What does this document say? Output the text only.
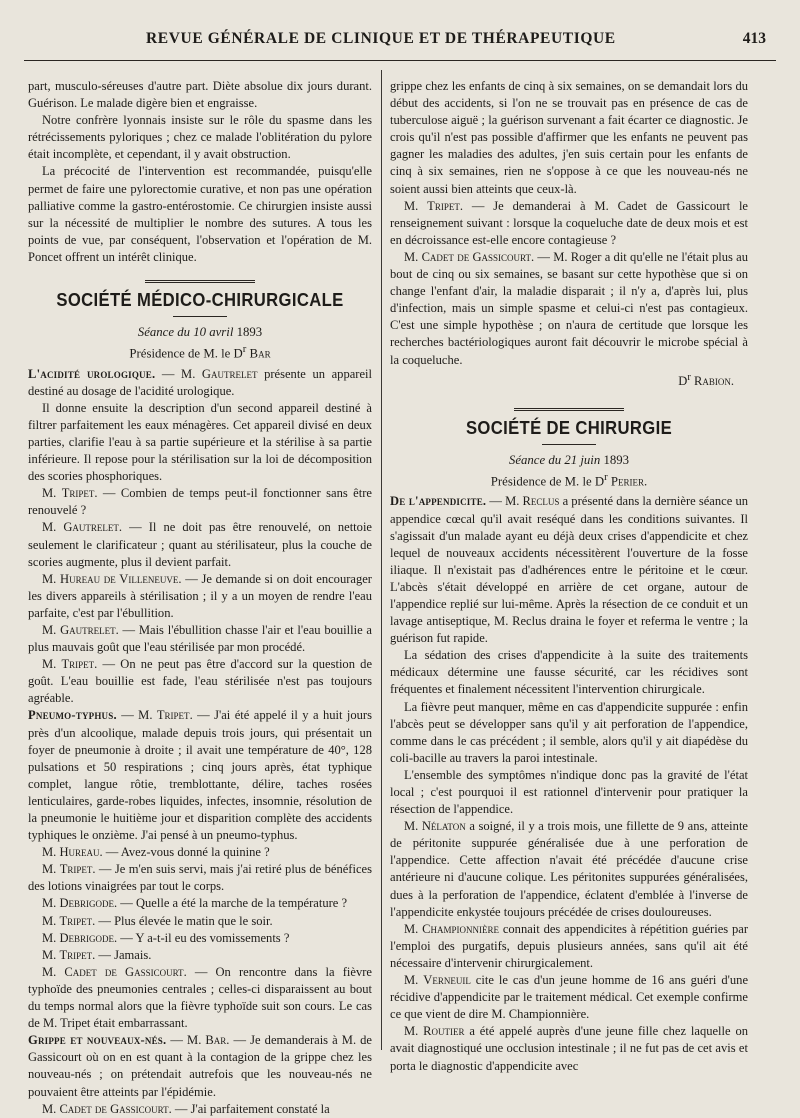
REVUE GÉNÉRALE DE CLINIQUE ET DE THÉRAPEUTIQUE	413

part, musculo-séreuses d'autre part. Diète absolue dix jours durant. Guérison. Le malade digère bien et engraisse.

Notre confrère lyonnais insiste sur le rôle du spasme dans les rétrécissements pyloriques ; chez ce malade l'oblitération du pylore était incomplète, et cependant, il y avait obstruction.

La précocité de l'intervention est recommandée, puisqu'elle permet de faire une pylorectomie curative, et non pas une opération palliative comme la gastro-entérostomie. Ce chirurgien insiste aussi sur la nécessité de multiplier le nombre des sutures. A tous les points de vue, par conséquent, l'observation et l'opération de M. Poncet offrent un intérêt clinique.

SOCIÉTÉ MÉDICO-CHIRURGICALE

Séance du 10 avril 1893

Présidence de M. le $D^r$ Bar

L'acidité urologique. — M. Gautrelet présente un appareil destiné au dosage de l'acidité urologique.

Il donne ensuite la description d'un second appareil destiné à filtrer parfaitement les eaux ménagères. Cet appareil divisé en deux parties, clarifie l'eau à sa partie supérieure et la stérilise à sa partie inférieure. Il repose pour la stérilisation sur la loi de décomposition des scories phosphoriques.

M. Tripet. — Combien de temps peut-il fonctionner sans être renouvelé ?

M. Gautrelet. — Il ne doit pas être renouvelé, on nettoie seulement le clarificateur ; quant au stérilisateur, plus la couche de scories augmente, plus il devient parfait.

M. Hureau de Villeneuve. — Je demande si on doit encourager les divers appareils à stérilisation ; il y a un moyen de rendre l'eau parfaite, c'est par l'ébullition.

M. Gautrelet. — Mais l'ébullition chasse l'air et l'eau bouillie a plus mauvais goût que l'eau stérilisée par mon procédé.

M. Tripet. — On ne peut pas être d'accord sur la question de goût. L'eau bouillie est fade, l'eau stérilisée n'est pas toujours agréable.

Pneumo-typhus. — M. Tripet. — J'ai été appelé il y a huit jours près d'un alcoolique, malade depuis trois jours, qui présentait un foyer de pneumonie à droite ; il avait une température de 40°, 128 pulsations et 50 respirations ; cinq jours après, état typhique complet, langue rôtie, tremblottante, délire, taches rosées lenticulaires, garde-robes liquides, infectes, insomnie, résolution de la pneumonie le huitième jour et disparition complète des accidents typhiques le onzième. J'ai pensé à un pneumo-typhus.

M. Hureau. — Avez-vous donné la quinine ?

M. Tripet. — Je m'en suis servi, mais j'ai retiré plus de bénéfices des lotions vinaigrées par tout le corps.

M. Debrigode. — Quelle a été la marche de la température ?

M. Tripet. — Plus élevée le matin que le soir.

M. Debrigode. — Y a-t-il eu des vomissements ?

M. Tripet. — Jamais.

M. Cadet de Gassicourt. — On rencontre dans la fièvre typhoïde des pneumonies centrales ; celles-ci disparaissent au bout du temps normal alors que la fièvre typhoïde suit son cours. Le cas de M. Tripet était embarrassant.

Grippe et nouveaux-nés. — M. Bar. — Je demanderais à M. de Gassicourt où on en est quant à la contagion de la grippe chez les nouveau-nés ; on prétendait autrefois que les nouveau-nés ne pouvaient être atteints par l'épidémie.

M. Cadet de Gassicourt. — J'ai parfaitement constaté la

grippe chez les enfants de cinq à six semaines, on se demandait lors du début des accidents, si l'on ne se trouvait pas en présence de cas de tuberculose aiguë ; la guérison survenant a fait écarter ce diagnostic. Je crois qu'il n'est pas possible d'affirmer que les enfants ne peuvent pas gagner les maladies des adultes, j'en suis certain pour les enfants de cinq à six semaines, rien ne s'oppose à ce que les nouveau-nés ne soient aussi bien atteints que ceux-là.

M. Tripet. — Je demanderai à M. Cadet de Gassicourt le renseignement suivant : lorsque la coqueluche date de deux mois et est en décroissance est-elle encore contagieuse ?

M. Cadet de Gassicourt. — M. Roger a dit qu'elle ne l'était plus au bout de cinq ou six semaines, se basant sur cette hypothèse que si on change l'enfant d'air, la maladie disparait ; il n'y a, d'après lui, plus d'infection, mais un simple spasme et celui-ci n'est pas contagieux. C'est une simple hypothèse ; on n'aura de certitude que lorsque les recherches bactériologiques auront fait découvrir le microbe spécial à la coqueluche.

$D^r$ Rabion.

SOCIÉTÉ DE CHIRURGIE

Séance du 21 juin 1893

Présidence de M. le $D^r$ Perier.

De l'appendicite. — M. Reclus a présenté dans la dernière séance un appendice cœcal qu'il avait reséqué dans les conditions suivantes. Il s'agissait d'un malade ayant eu déjà deux crises d'appendicite et chez lequel de nouveaux accidents nécessitèrent l'ouverture de la fosse iliaque. Il n'existait pas d'adhérences entre le péritoine et le cœur. L'abcès s'était développé en arrière de cet organe, autour de l'appendice replié sur lui-même. Après la résection de ce conduit et un lavage antiseptique, M. Reclus draina le foyer et referma le ventre ; la guérison fut rapide.

La sédation des crises d'appendicite à la suite des traitements médicaux détermine une fausse sécurité, car les récidives sont fréquentes et finalement nécessitent l'intervention chirurgicale.

La fièvre peut manquer, même en cas d'appendicite suppurée : enfin l'abcès peut se développer sans qu'il y ait perforation de l'appendice, comme dans le cas précédent ; il semble, alors qu'il y ait diapédèse du coli-bacille au travers la paroi intestinale.

L'ensemble des symptômes n'indique donc pas la gravité de l'état local ; c'est pourquoi il est rationnel d'intervenir pour pratiquer la résection de l'appendice.

M. Nélaton a soigné, il y a trois mois, une fillette de 9 ans, atteinte de péritonite suppurée généralisée due à une perforation de l'appendice. Cette affection n'avait été précédée d'aucune crise antérieure ni d'aucune colique. Les péritonites suppurées généralisées, dues à la perforation de l'appendice, éclatent d'emblée à l'inverse de l'appendicite enkystée toujours précédée de crises douloureuses.

M. Championnière connait des appendicites à répétition guéries par l'emploi des purgatifs, depuis plusieurs années, sans qu'il ait été nécessaire d'intervenir chirurgicalement.

M. Verneuil cite le cas d'un jeune homme de 16 ans guéri d'une récidive d'appendicite par le traitement médical. Cet exemple confirme ce que vient de dire M. Championnière.

M. Routier a été appelé auprès d'une jeune fille chez laquelle on avait diagnostiqué une occlusion intestinale ; il ne fut pas de cet avis et porta le diagnostic d'appendicite avec
